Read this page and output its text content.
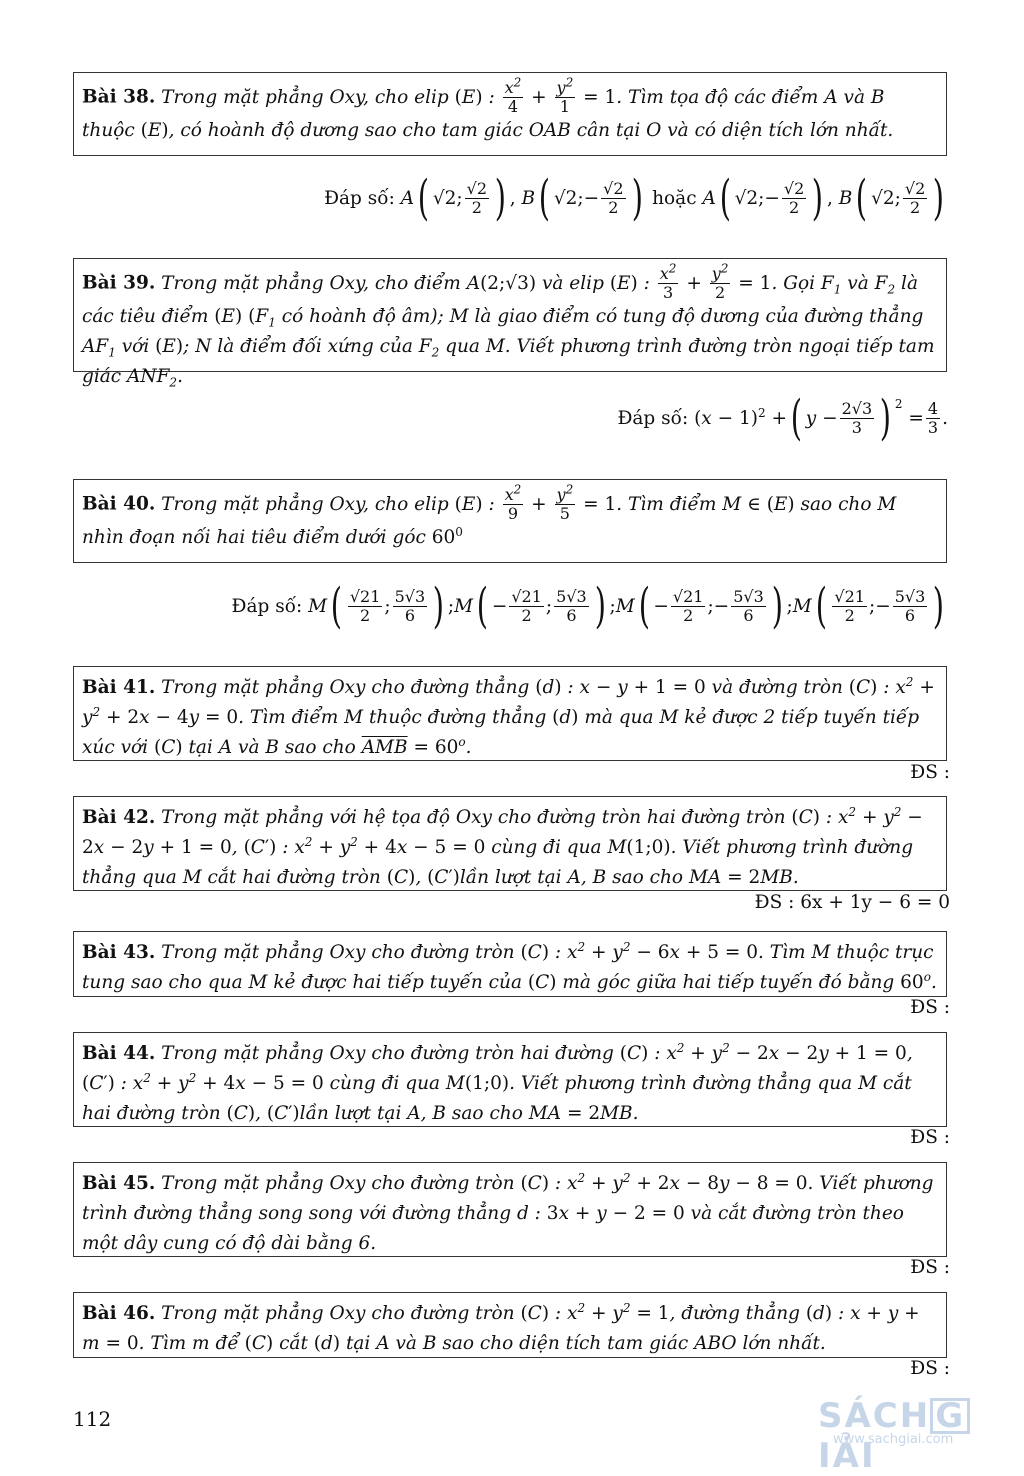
Bài 38. Trong mặt phẳng Oxy, cho elip (E) : $\frac{x^2}{4} + \frac{y^2}{1} = 1$. Tìm tọa độ các điểm A và B thuộc (E), có hoành độ dương sao cho tam giác OAB cân tại O và có diện tích lớn nhất.
Đáp số: A ( √2; $\frac{√2}{2}$ ) , B ( √2;− $\frac{√2}{2}$ ) hoặc A ( √2;− $\frac{√2}{2}$ ) , B ( √2; $\frac{√2}{2}$ )
Bài 39. Trong mặt phẳng Oxy, cho điểm A(2;√3) và elip (E) : $\frac{x^2}{3} + \frac{y^2}{2} = 1$. Gọi $F_1$ và $F_2$ là các tiêu điểm (E) ($F_1$ có hoành độ âm); M là giao điểm có tung độ dương của đường thẳng $AF_1$ với (E); N là điểm đối xứng của $F_2$ qua M. Viết phương trình đường tròn ngoại tiếp tam giác $ANF_2$.
Đáp số: $(x - 1)^2$ + ( $y - \frac{2√3}{3}$ ) $^2$
= $\frac{4}{3}$ .
Bài 40. Trong mặt phẳng Oxy, cho elip (E) : $\frac{x^2}{9} + \frac{y^2}{5} = 1$. Tìm điểm M ∈ (E) sao cho M nhìn đoạn nối hai tiêu điểm dưới góc $60^0$
Đáp số: M ( $\frac{√21}{2}$ ; $\frac{5√3}{6}$ ) ;M ( − $\frac{√21}{2}$ ; $\frac{5√3}{6}$ ) ;M ( − $\frac{√21}{2}$ ;− $\frac{5√3}{6}$ ) ;M ( $\frac{√21}{2}$ ;− $\frac{5√3}{6}$ )
Bài 41. Trong mặt phẳng Oxy cho đường thẳng (d) : x − y + 1 = 0 và đường tròn (C) : $x^2 + y^2 + 2x - 4y = 0$. Tìm điểm M thuộc đường thẳng (d) mà qua M kẻ được 2 tiếp tuyến tiếp xúc với (C) tại A và B sao cho $\overline{AMB} = 60^o$.
ĐS :
Bài 42. Trong mặt phẳng với hệ tọa độ Oxy cho đường tròn hai đường tròn (C) : $x^2 + y^2 - 2x - 2y + 1 = 0$, (C′) : $x^2 + y^2 + 4x - 5 = 0$ cùng đi qua M(1;0). Viết phương trình đường thẳng qua M cắt hai đường tròn (C), (C′)lần lượt tại A, B sao cho MA = 2MB.
ĐS : 6x + 1y − 6 = 0
Bài 43. Trong mặt phẳng Oxy cho đường tròn (C) : $x^2 + y^2 - 6x + 5 = 0$. Tìm M thuộc trục tung sao cho qua M kẻ được hai tiếp tuyến của (C) mà góc giữa hai tiếp tuyến đó bằng 60$^o$.
ĐS :
Bài 44. Trong mặt phẳng Oxy cho đường tròn hai đường (C) : $x^2 + y^2 - 2x - 2y + 1 = 0$, (C′) : $x^2 + y^2 + 4x - 5 = 0$ cùng đi qua M(1;0). Viết phương trình đường thẳng qua M cắt hai đường tròn (C), (C′)lần lượt tại A, B sao cho MA = 2MB.
ĐS :
Bài 45. Trong mặt phẳng Oxy cho đường tròn (C) : $x^2 + y^2 + 2x - 8y - 8 = 0$. Viết phương trình đường thẳng song song với đường thẳng d : 3x + y − 2 = 0 và cắt đường tròn theo một dây cung có độ dài bằng 6.
ĐS :
Bài 46. Trong mặt phẳng Oxy cho đường tròn (C) : $x^2 + y^2 = 1$, đường thẳng (d) : x + y + m = 0. Tìm m để (C) cắt (d) tại A và B sao cho diện tích tam giác ABO lớn nhất.
ĐS :
112	SÁCH GIẢI
www.sachgiai.com
